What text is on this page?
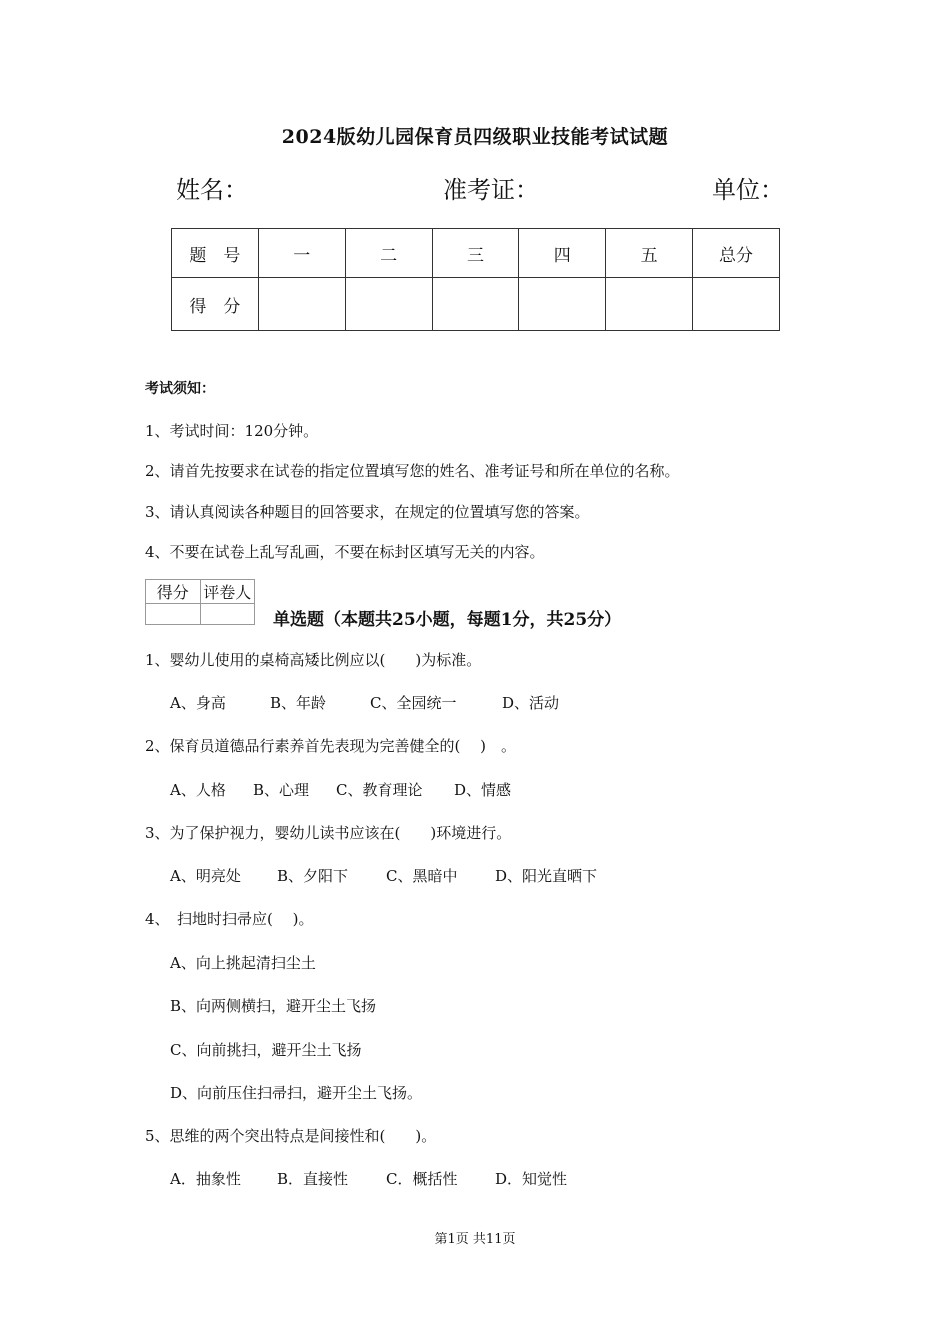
2024版幼儿园保育员四级职业技能考试试题
姓名：	准考证：	单位：
题　号	一	二	三	四	五	总分
得　分						
考试须知：
1、考试时间：120分钟。
2、请首先按要求在试卷的指定位置填写您的姓名、准考证号和所在单位的名称。
3、请认真阅读各种题目的回答要求，在规定的位置填写您的答案。
4、不要在试卷上乱写乱画，不要在标封区填写无关的内容。
得分	评卷人

单选题（本题共25小题，每题1分，共25分）
1、婴幼儿使用的桌椅高矮比例应以(　　)为标准。
A、身高	B、年龄	C、全园统一	D、活动
2、保育员道德品行素养首先表现为完善健全的(　 )　。
A、人格 B、心理 C、教育理论 D、情感
3、为了保护视力，婴幼儿读书应该在(　　)环境进行。
A、明亮处 B、夕阳下	C、黑暗中	D、阳光直晒下
4、　扫地时扫帚应(　 )。
A、向上挑起清扫尘土
B、向两侧横扫，避开尘土飞扬
C、向前挑扫，避开尘土飞扬
D、向前压住扫帚扫，避开尘土飞扬。
5、思维的两个突出特点是间接性和(　　)。
A．抽象性 B．直接性	C．概括性	D．知觉性
第1页 共11页
